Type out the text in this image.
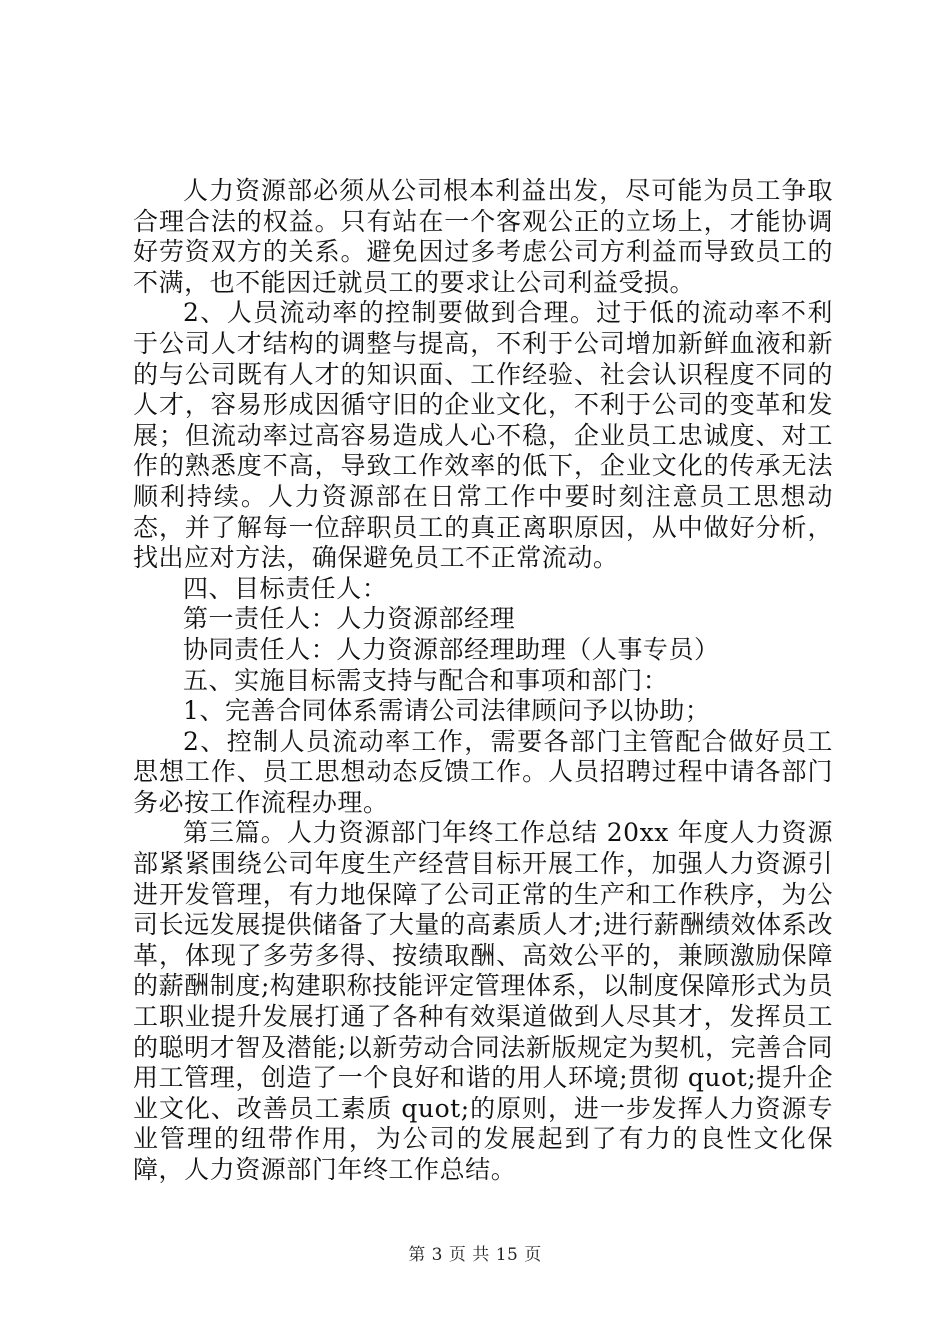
人力资源部必须从公司根本利益出发，尽可能为员工争取合理合法的权益。只有站在一个客观公正的立场上，才能协调好劳资双方的关系。避免因过多考虑公司方利益而导致员工的不满，也不能因迁就员工的要求让公司利益受损。

2、人员流动率的控制要做到合理。过于低的流动率不利于公司人才结构的调整与提高，不利于公司增加新鲜血液和新的与公司既有人才的知识面、工作经验、社会认识程度不同的人才，容易形成因循守旧的企业文化，不利于公司的变革和发展；但流动率过高容易造成人心不稳，企业员工忠诚度、对工作的熟悉度不高，导致工作效率的低下，企业文化的传承无法顺利持续。人力资源部在日常工作中要时刻注意员工思想动态，并了解每一位辞职员工的真正离职原因，从中做好分析，找出应对方法，确保避免员工不正常流动。

四、目标责任人：

第一责任人：人力资源部经理

协同责任人：人力资源部经理助理（人事专员）

五、实施目标需支持与配合和事项和部门：

1、完善合同体系需请公司法律顾问予以协助；

2、控制人员流动率工作，需要各部门主管配合做好员工思想工作、员工思想动态反馈工作。人员招聘过程中请各部门务必按工作流程办理。

第三篇。人力资源部门年终工作总结 20xx 年度人力资源部紧紧围绕公司年度生产经营目标开展工作，加强人力资源引进开发管理，有力地保障了公司正常的生产和工作秩序，为公司长远发展提供储备了大量的高素质人才;进行薪酬绩效体系改革，体现了多劳多得、按绩取酬、高效公平的，兼顾激励保障的薪酬制度;构建职称技能评定管理体系，以制度保障形式为员工职业提升发展打通了各种有效渠道做到人尽其才，发挥员工的聪明才智及潜能;以新劳动合同法新版规定为契机，完善合同用工管理，创造了一个良好和谐的用人环境;贯彻 quot;提升企业文化、改善员工素质 quot;的原则，进一步发挥人力资源专业管理的纽带作用，为公司的发展起到了有力的良性文化保障，人力资源部门年终工作总结。

第 3 页 共 15 页
